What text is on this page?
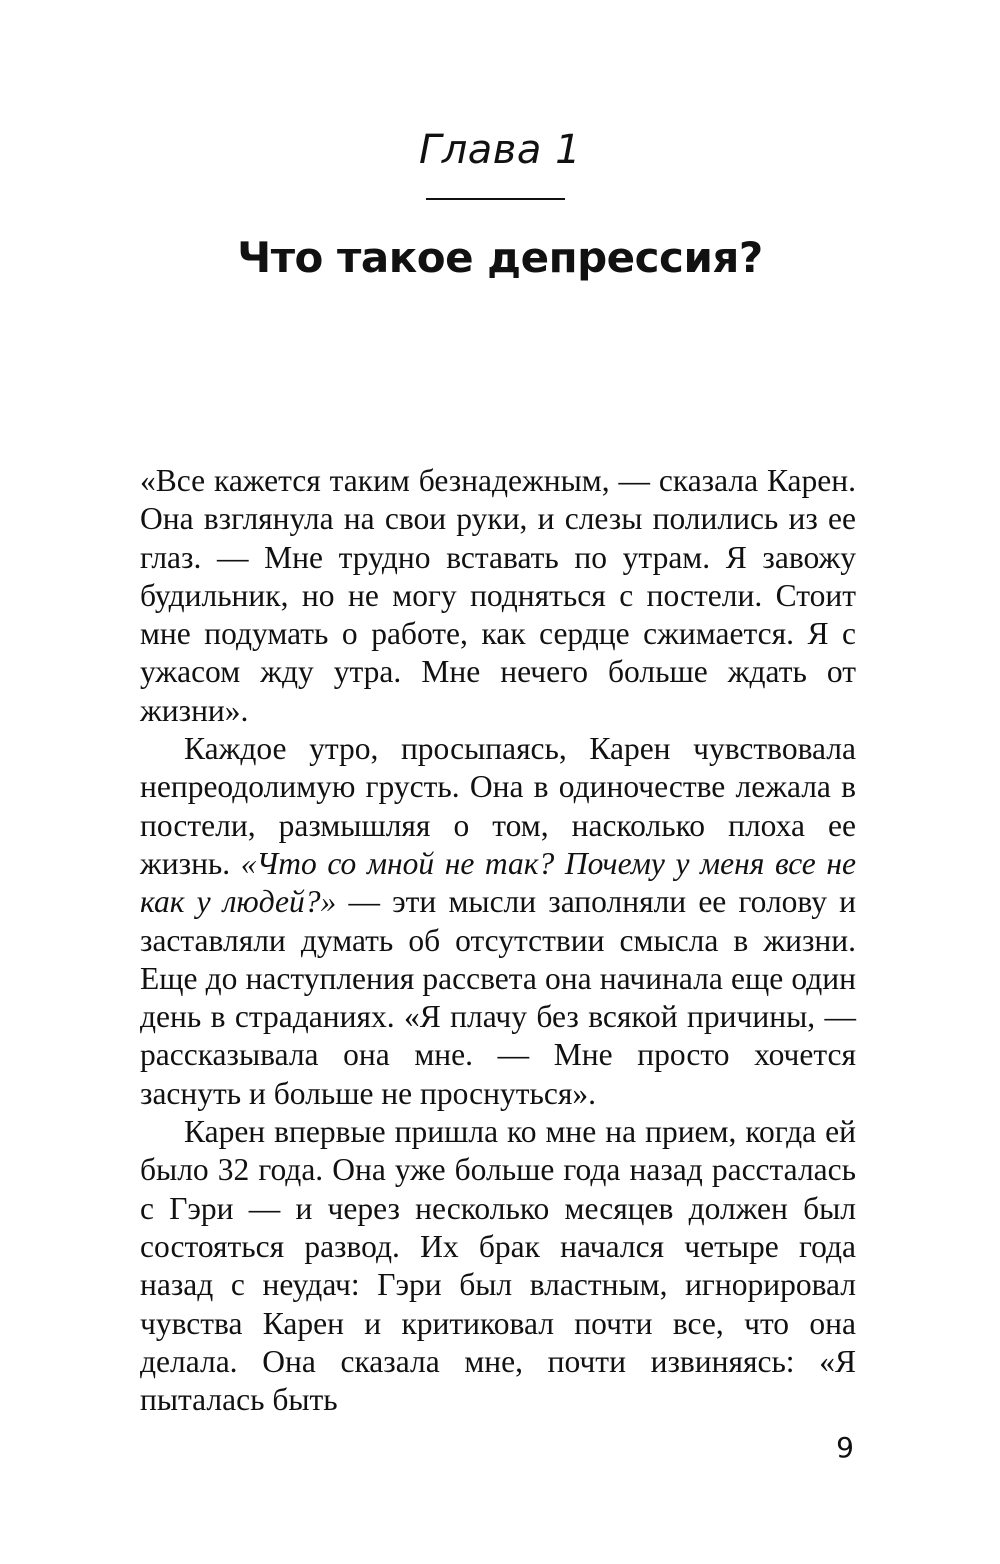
Глава 1
Что такое депрессия?

«Все кажется таким безнадежным, — сказала Карен. Она взглянула на свои руки, и слезы полились из ее глаз. — Мне трудно вставать по утрам. Я завожу будильник, но не могу подняться с постели. Стоит мне подумать о работе, как сердце сжимается. Я с ужасом жду утра. Мне нечего больше ждать от жизни».

Каждое утро, просыпаясь, Карен чувствовала непреодолимую грусть. Она в одиночестве лежала в постели, размышляя о том, насколько плоха ее жизнь. «Что со мной не так? Почему у меня все не как у людей?» — эти мысли заполняли ее голову и заставляли думать об отсутствии смысла в жизни. Еще до наступления рассвета она начинала еще один день в страданиях. «Я плачу без всякой причины, — рассказывала она мне. — Мне просто хочется заснуть и больше не проснуться».

Карен впервые пришла ко мне на прием, когда ей было 32 года. Она уже больше года назад рассталась с Гэри — и через несколько месяцев должен был состояться развод. Их брак начался четыре года назад с неудач: Гэри был властным, игнорировал чувства Карен и критиковал почти все, что она делала. Она сказала мне, почти извиняясь: «Я пыталась быть

9
